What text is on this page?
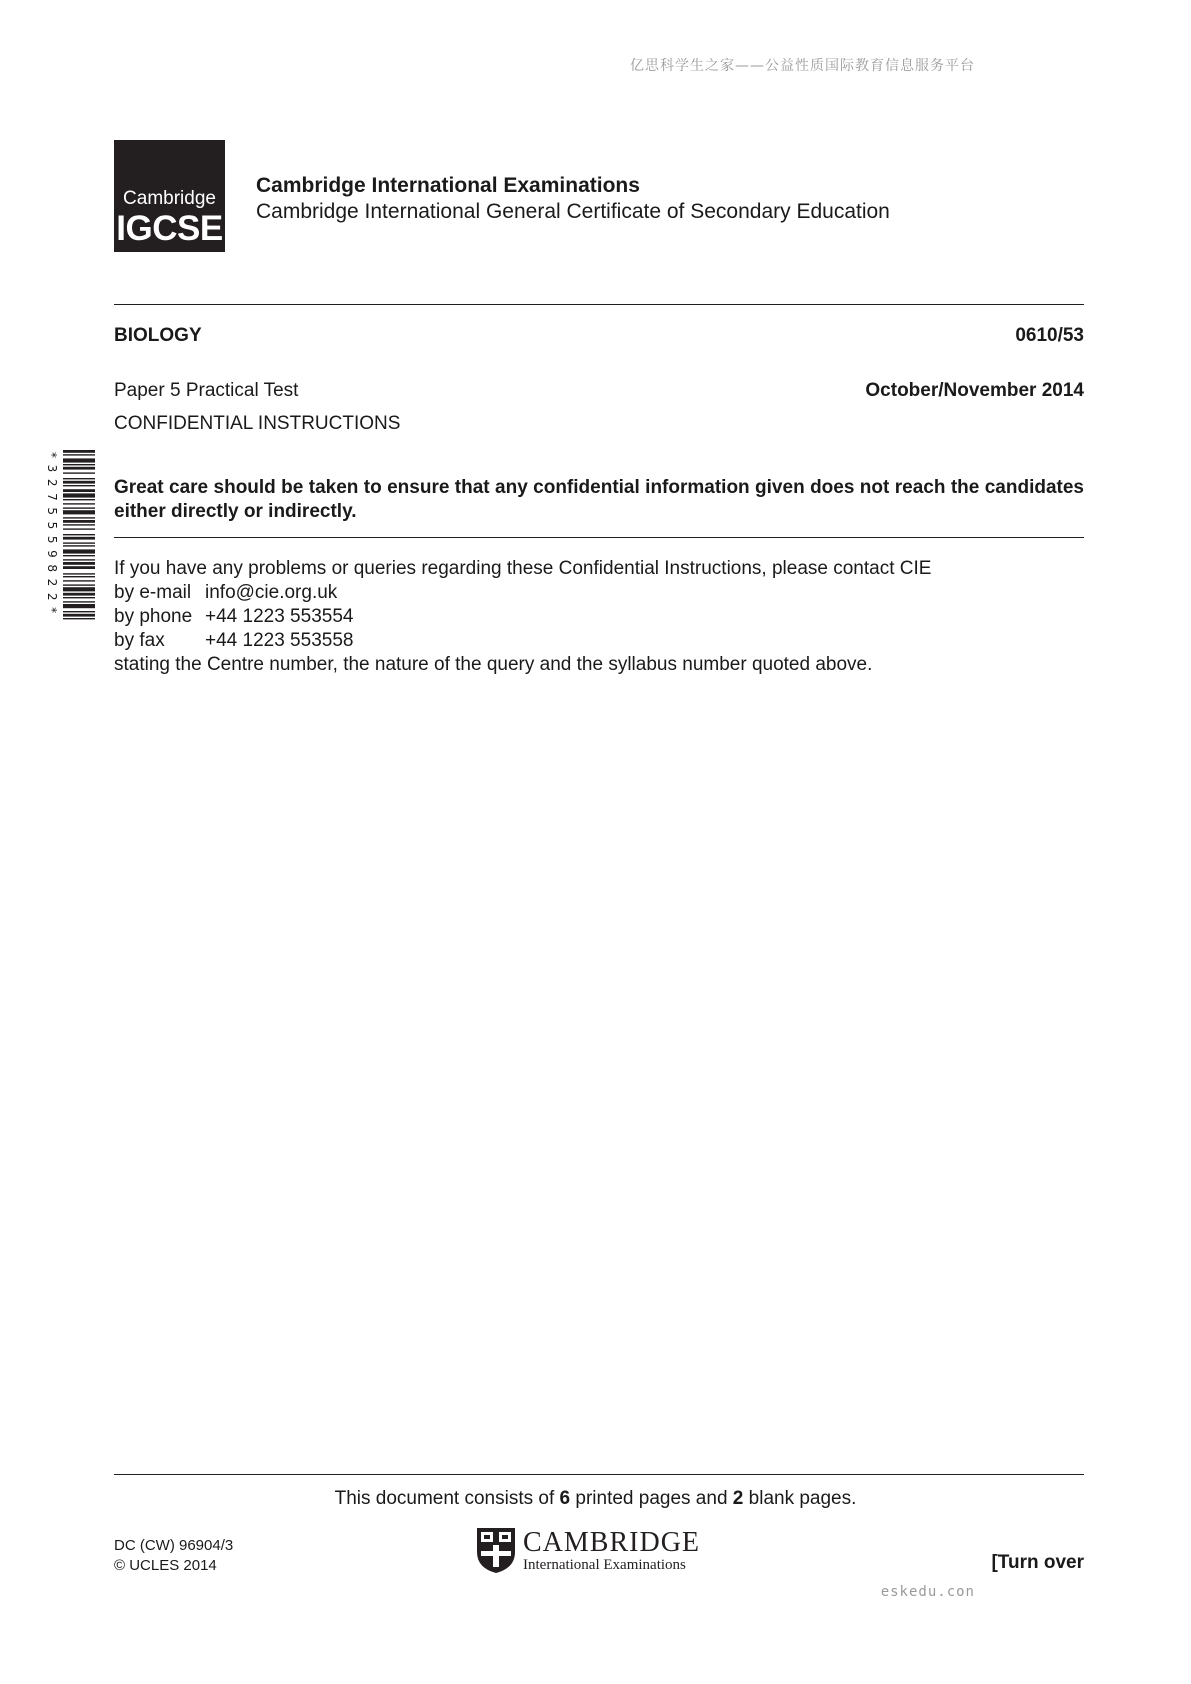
亿思科学生之家——公益性质国际教育信息服务平台
Cambridge
IGCSE
Cambridge International Examinations
Cambridge International General Certificate of Secondary Education
BIOLOGY	0610/53
Paper 5 Practical Test	October/November 2014
CONFIDENTIAL INSTRUCTIONS
* 3 2 7 5 5 5 9 8 2 2 *	Great care should be taken to ensure that any confidential information given does not reach the candidates either directly or indirectly.
If you have any problems or queries regarding these Confidential Instructions, please contact CIE
by e-mail info@cie.org.uk
by phone +44 1223 553554
by fax +44 1223 553558
stating the Centre number, the nature of the query and the syllabus number quoted above.
This document consists of 6 printed pages and 2 blank pages.
DC (CW) 96904/3
© UCLES 2014
CAMBRIDGE
International Examinations	[Turn over
eskedu.con
